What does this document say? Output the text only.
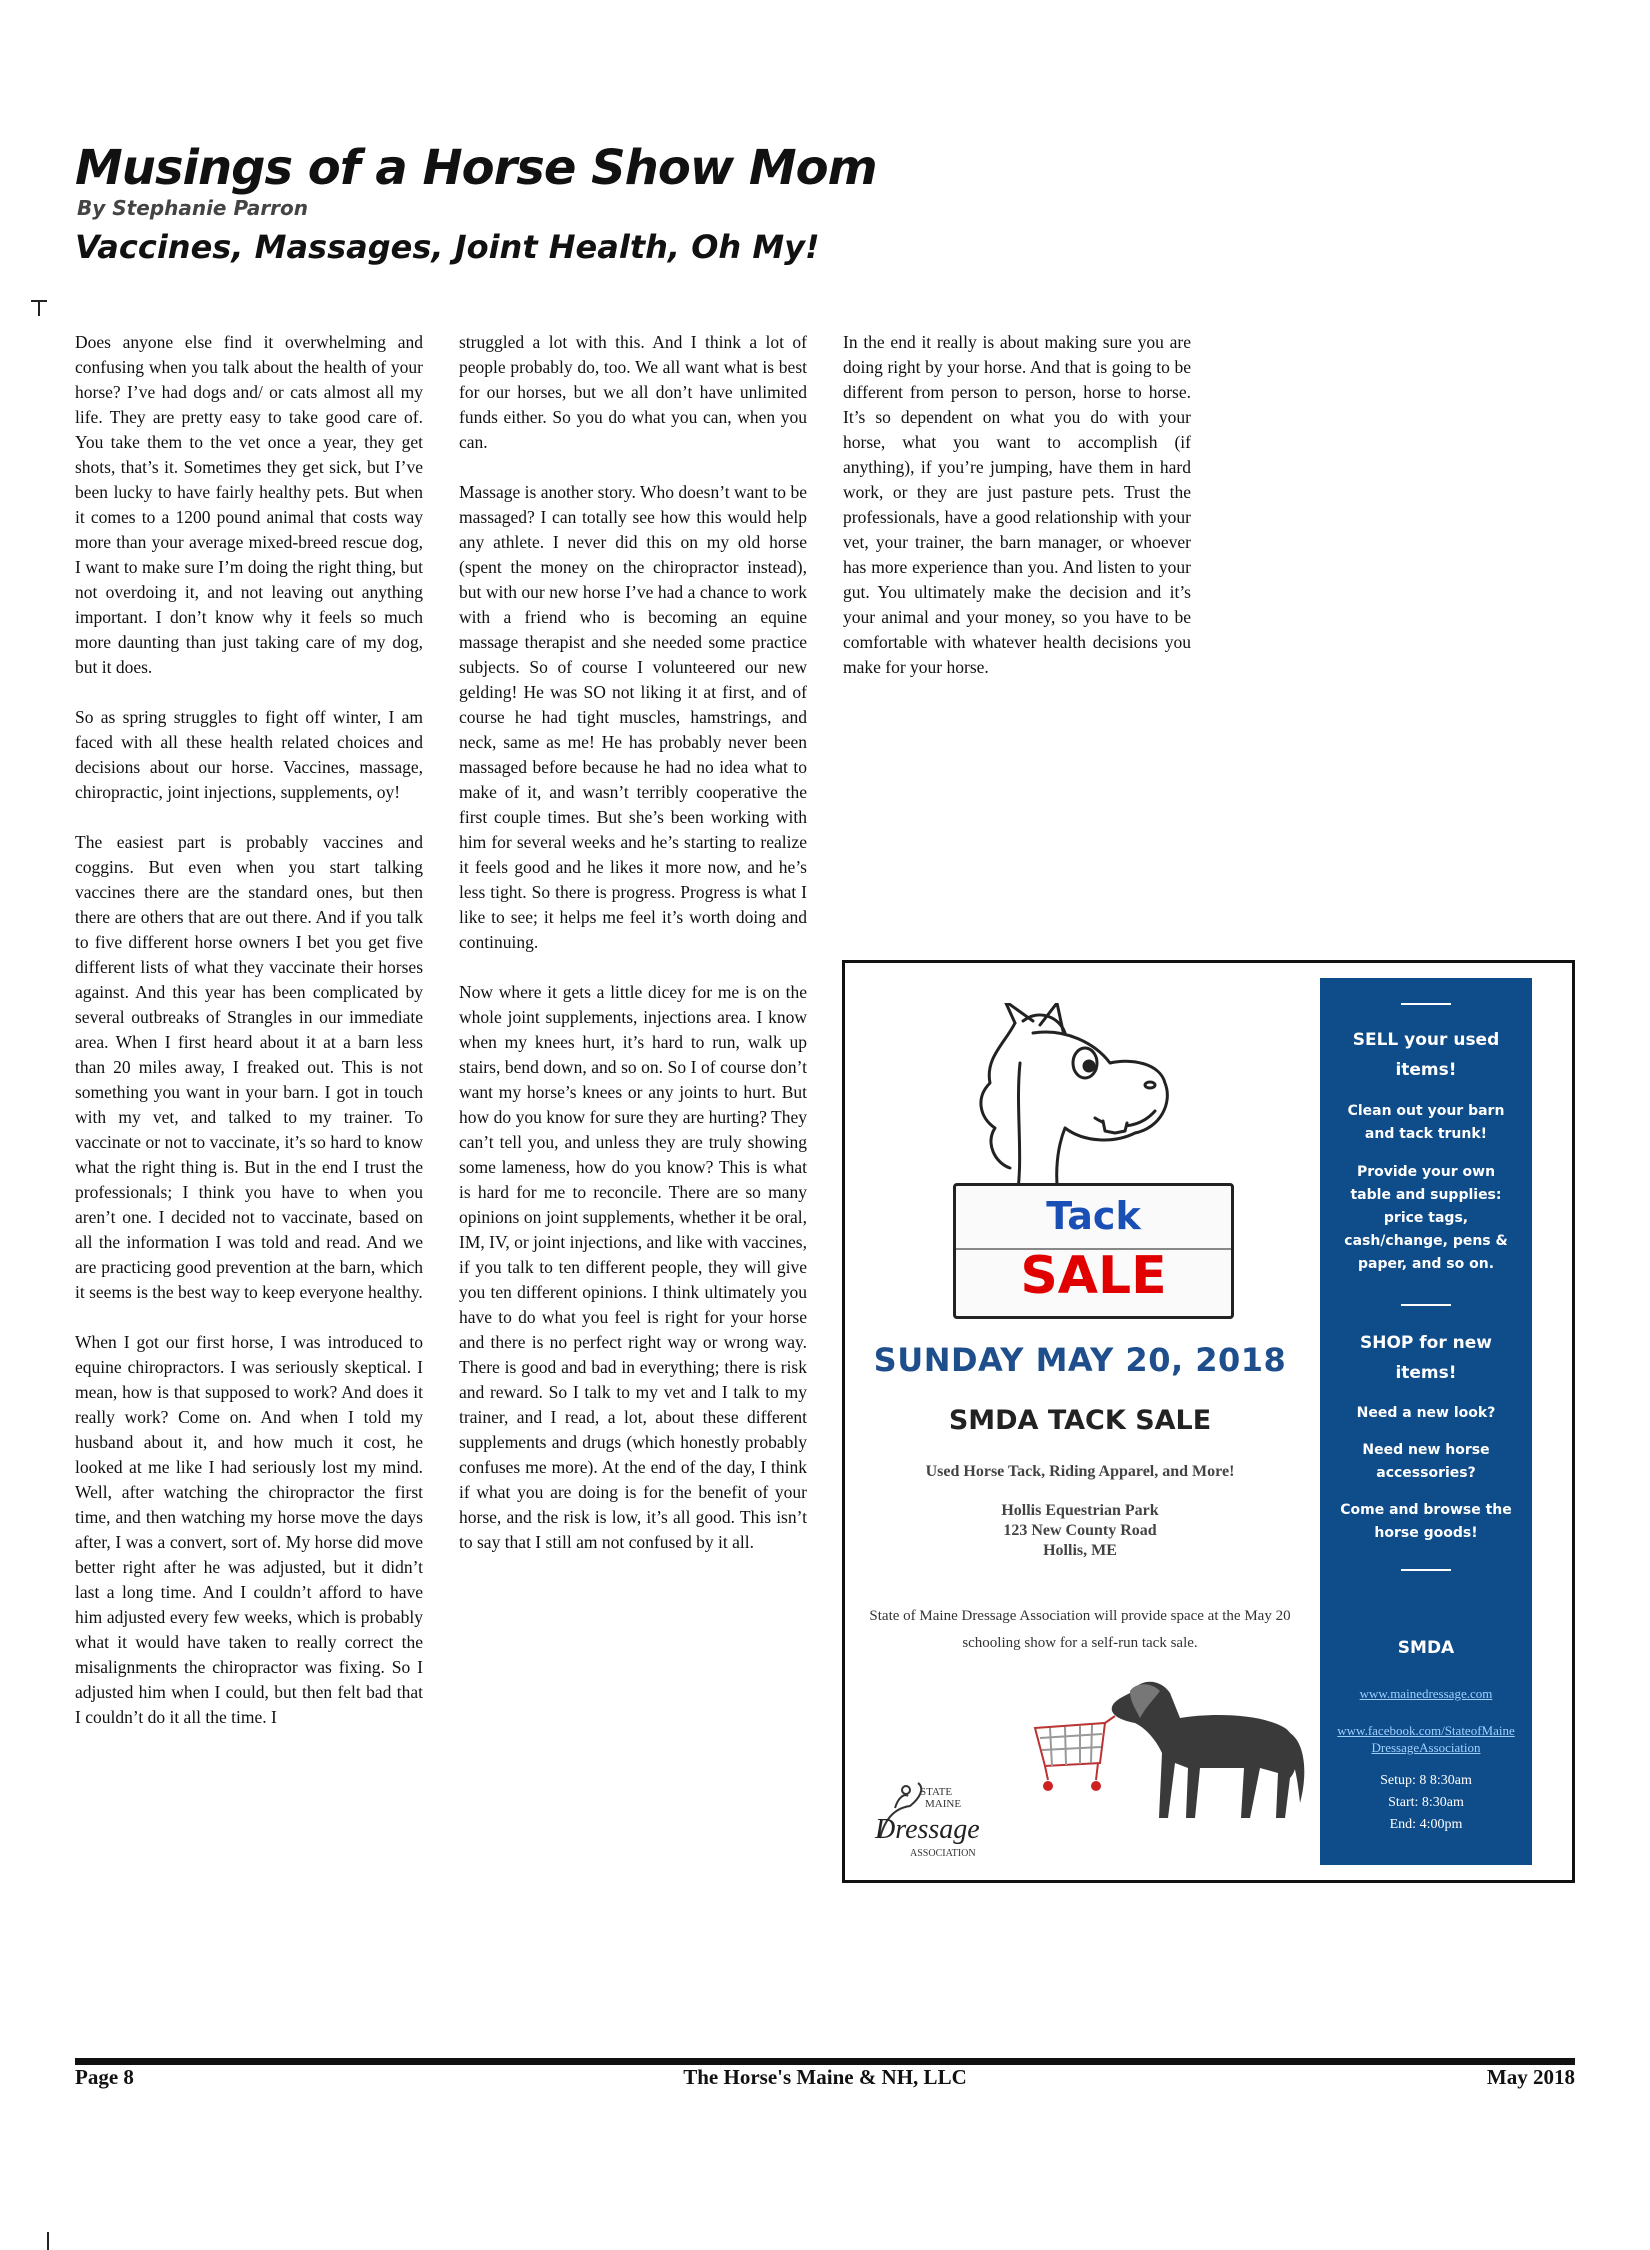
Musings of a Horse Show Mom
By Stephanie Parron
Vaccines, Massages, Joint Health, Oh My!

Does anyone else find it overwhelming and confusing when you talk about the health of your horse? I’ve had dogs and/ or cats almost all my life. They are pretty easy to take good care of. You take them to the vet once a year, they get shots, that’s it. Sometimes they get sick, but I’ve been lucky to have fairly healthy pets. But when it comes to a 1200 pound animal that costs way more than your average mixed-breed rescue dog, I want to make sure I’m doing the right thing, but not overdoing it, and not leaving out anything important. I don’t know why it feels so much more daunting than just taking care of my dog, but it does.

So as spring struggles to fight off winter, I am faced with all these health related choices and decisions about our horse. Vaccines, massage, chiropractic, joint injections, supplements, oy!

The easiest part is probably vaccines and coggins. But even when you start talking vaccines there are the standard ones, but then there are others that are out there. And if you talk to five different horse owners I bet you get five different lists of what they vaccinate their horses against. And this year has been complicated by several outbreaks of Strangles in our immediate area. When I first heard about it at a barn less than 20 miles away, I freaked out. This is not something you want in your barn. I got in touch with my vet, and talked to my trainer. To vaccinate or not to vaccinate, it’s so hard to know what the right thing is. But in the end I trust the professionals; I think you have to when you aren’t one. I decided not to vaccinate, based on all the information I was told and read. And we are practicing good prevention at the barn, which it seems is the best way to keep everyone healthy.

When I got our first horse, I was introduced to equine chiropractors. I was seriously skeptical. I mean, how is that supposed to work? And does it really work? Come on. And when I told my husband about it, and how much it cost, he looked at me like I had seriously lost my mind. Well, after watching the chiropractor the first time, and then watching my horse move the days after, I was a convert, sort of. My horse did move better right after he was adjusted, but it didn’t last a long time. And I couldn’t afford to have him adjusted every few weeks, which is probably what it would have taken to really correct the misalignments the chiropractor was fixing. So I adjusted him when I could, but then felt bad that I couldn’t do it all the time. I

struggled a lot with this. And I think a lot of people probably do, too. We all want what is best for our horses, but we all don’t have unlimited funds either. So you do what you can, when you can.

Massage is another story. Who doesn’t want to be massaged? I can totally see how this would help any athlete. I never did this on my old horse (spent the money on the chiropractor instead), but with our new horse I’ve had a chance to work with a friend who is becoming an equine massage therapist and she needed some practice subjects. So of course I volunteered our new gelding! He was SO not liking it at first, and of course he had tight muscles, hamstrings, and neck, same as me! He has probably never been massaged before because he had no idea what to make of it, and wasn’t terribly cooperative the first couple times. But she’s been working with him for several weeks and he’s starting to realize it feels good and he likes it more now, and he’s less tight. So there is progress. Progress is what I like to see; it helps me feel it’s worth doing and continuing.

Now where it gets a little dicey for me is on the whole joint supplements, injections area. I know when my knees hurt, it’s hard to run, walk up stairs, bend down, and so on. So I of course don’t want my horse’s knees or any joints to hurt. But how do you know for sure they are hurting? They can’t tell you, and unless they are truly showing some lameness, how do you know? This is what is hard for me to reconcile. There are so many opinions on joint supplements, whether it be oral, IM, IV, or joint injections, and like with vaccines, if you talk to ten different people, they will give you ten different opinions. I think ultimately you have to do what you feel is right for your horse and there is no perfect right way or wrong way. There is good and bad in everything; there is risk and reward. So I talk to my vet and I talk to my trainer, and I read, a lot, about these different supplements and drugs (which honestly probably confuses me more). At the end of the day, I think if what you are doing is for the benefit of your horse, and the risk is low, it’s all good. This isn’t to say that I still am not confused by it all.

In the end it really is about making sure you are doing right by your horse. And that is going to be different from person to person, horse to horse. It’s so dependent on what you do with your horse, what you want to accomplish (if anything), if you’re jumping, have them in hard work, or they are just pasture pets. Trust the professionals, have a good relationship with your vet, your trainer, the barn manager, or whoever has more experience than you. And listen to your gut. You ultimately make the decision and it’s your animal and your money, so you have to be comfortable with whatever health decisions you make for your horse.

Tack
SALE
SUNDAY MAY 20, 2018
SMDA TACK SALE
Used Horse Tack, Riding Apparel, and More!
Hollis Equestrian Park
123 New County Road
Hollis, ME
State of Maine Dressage Association will provide space at the May 20 schooling show for a self-run tack sale.
STATE
MAINE
Dressage
ASSOCIATION

SELL your used items!

Clean out your barn and tack trunk!

Provide your own table and supplies: price tags, cash/change, pens & paper, and so on.

SHOP for new items!

Need a new look?

Need new horse accessories?

Come and browse the horse goods!

SMDA

www.mainedressage.com
www.facebook.com/StateofMaineDressageAssociation
Setup: 8 8:30am
Start: 8:30am
End: 4:00pm
Page 8	The Horse's Maine & NH, LLC	May 2018
